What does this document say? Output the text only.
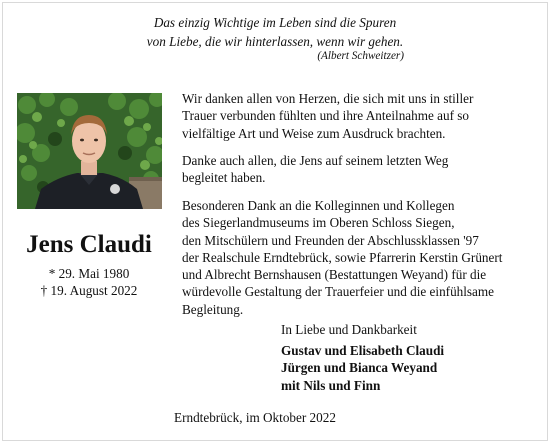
Das einzig Wichtige im Leben sind die Spuren
von Liebe, die wir hinterlassen, wenn wir gehen.
(Albert Schweitzer)
Jens Claudi
* 29. Mai 1980
† 19. August 2022
Wir danken allen von Herzen, die sich mit uns in stiller
Trauer verbunden fühlten und ihre Anteilnahme auf so
vielfältige Art und Weise zum Ausdruck brachten.
Danke auch allen, die Jens auf seinem letzten Weg
begleitet haben.
Besonderen Dank an die Kolleginnen und Kollegen
des Siegerlandmuseums im Oberen Schloss Siegen,
den Mitschülern und Freunden der Abschlussklassen '97
der Realschule Erndtebrück, sowie Pfarrerin Kerstin Grünert
und Albrecht Bernshausen (Bestattungen Weyand) für die
würdevolle Gestaltung der Trauerfeier und die einfühlsame
Begleitung.
In Liebe und Dankbarkeit
Gustav und Elisabeth Claudi
Jürgen und Bianca Weyand
mit Nils und Finn
Erndtebrück, im Oktober 2022
